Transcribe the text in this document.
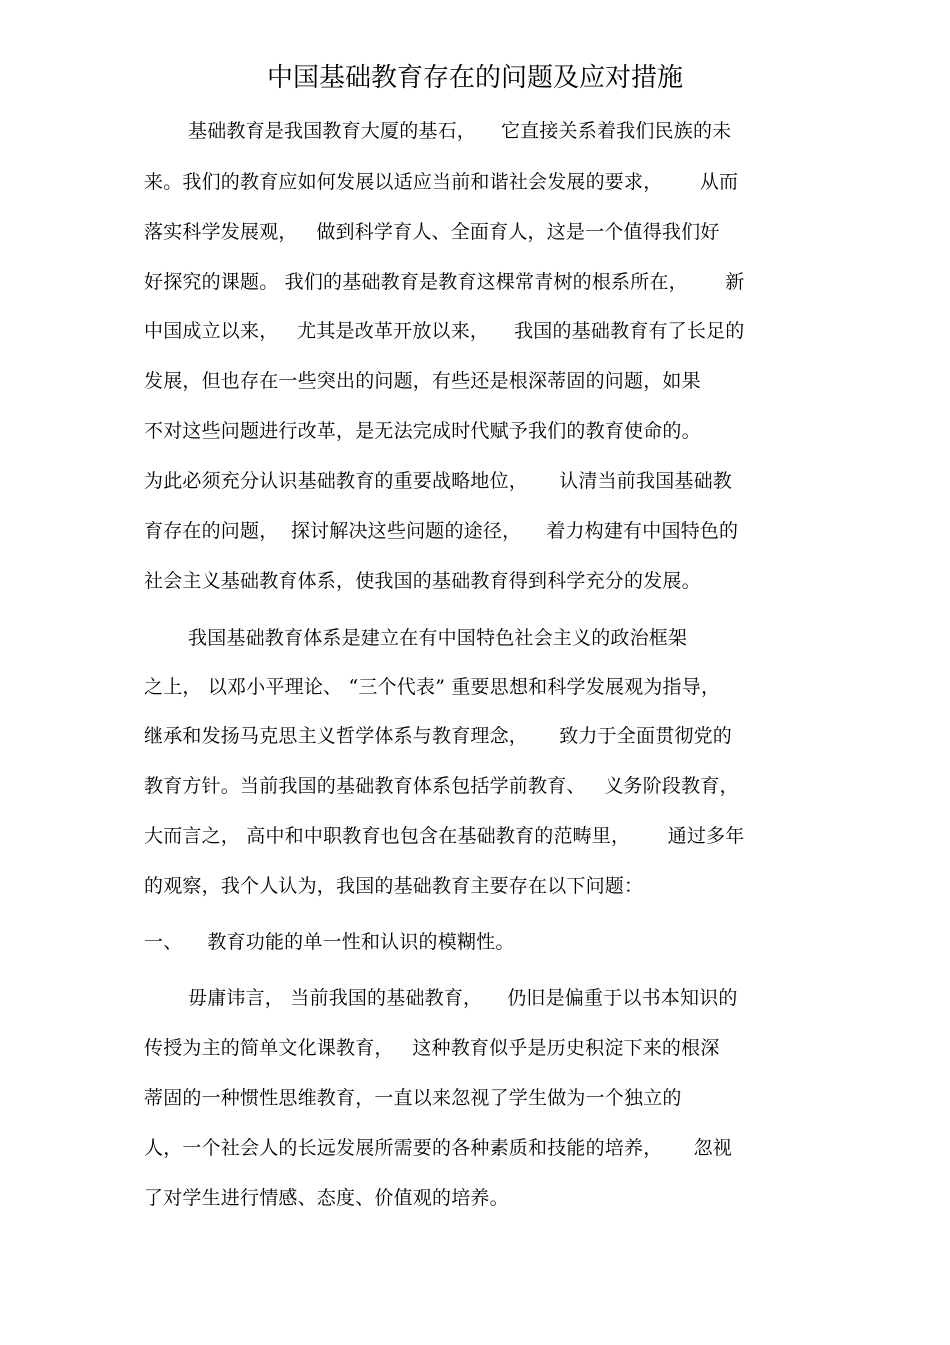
中国基础教育存在的问题及应对措施
基础教育是我国教育大厦的基石，    它直接关系着我们民族的未
来。我们的教育应如何发展以适应当前和谐社会发展的要求，      从而
落实科学发展观，   做到科学育人、全面育人，这是一个值得我们好
好探究的课题。 我们的基础教育是教育这棵常青树的根系所在，      新
中国成立以来，   尤其是改革开放以来，    我国的基础教育有了长足的
发展，但也存在一些突出的问题，有些还是根深蒂固的问题，如果
不对这些问题进行改革，是无法完成时代赋予我们的教育使命的。
为此必须充分认识基础教育的重要战略地位，     认清当前我国基础教
育存在的问题，  探讨解决这些问题的途径，    着力构建有中国特色的
社会主义基础教育体系，使我国的基础教育得到科学充分的发展。
我国基础教育体系是建立在有中国特色社会主义的政治框架
之上， 以邓小平理论、 “三个代表” 重要思想和科学发展观为指导，
继承和发扬马克思主义哲学体系与教育理念，     致力于全面贯彻党的
教育方针。当前我国的基础教育体系包括学前教育、   义务阶段教育，
大而言之， 高中和中职教育也包含在基础教育的范畴里，      通过多年
的观察，我个人认为，我国的基础教育主要存在以下问题：
一、    教育功能的单一性和认识的模糊性。
毋庸讳言， 当前我国的基础教育，    仍旧是偏重于以书本知识的
传授为主的简单文化课教育，   这种教育似乎是历史积淀下来的根深
蒂固的一种惯性思维教育，一直以来忽视了学生做为一个独立的
人，一个社会人的长远发展所需要的各种素质和技能的培养，     忽视
了对学生进行情感、态度、价值观的培养。
